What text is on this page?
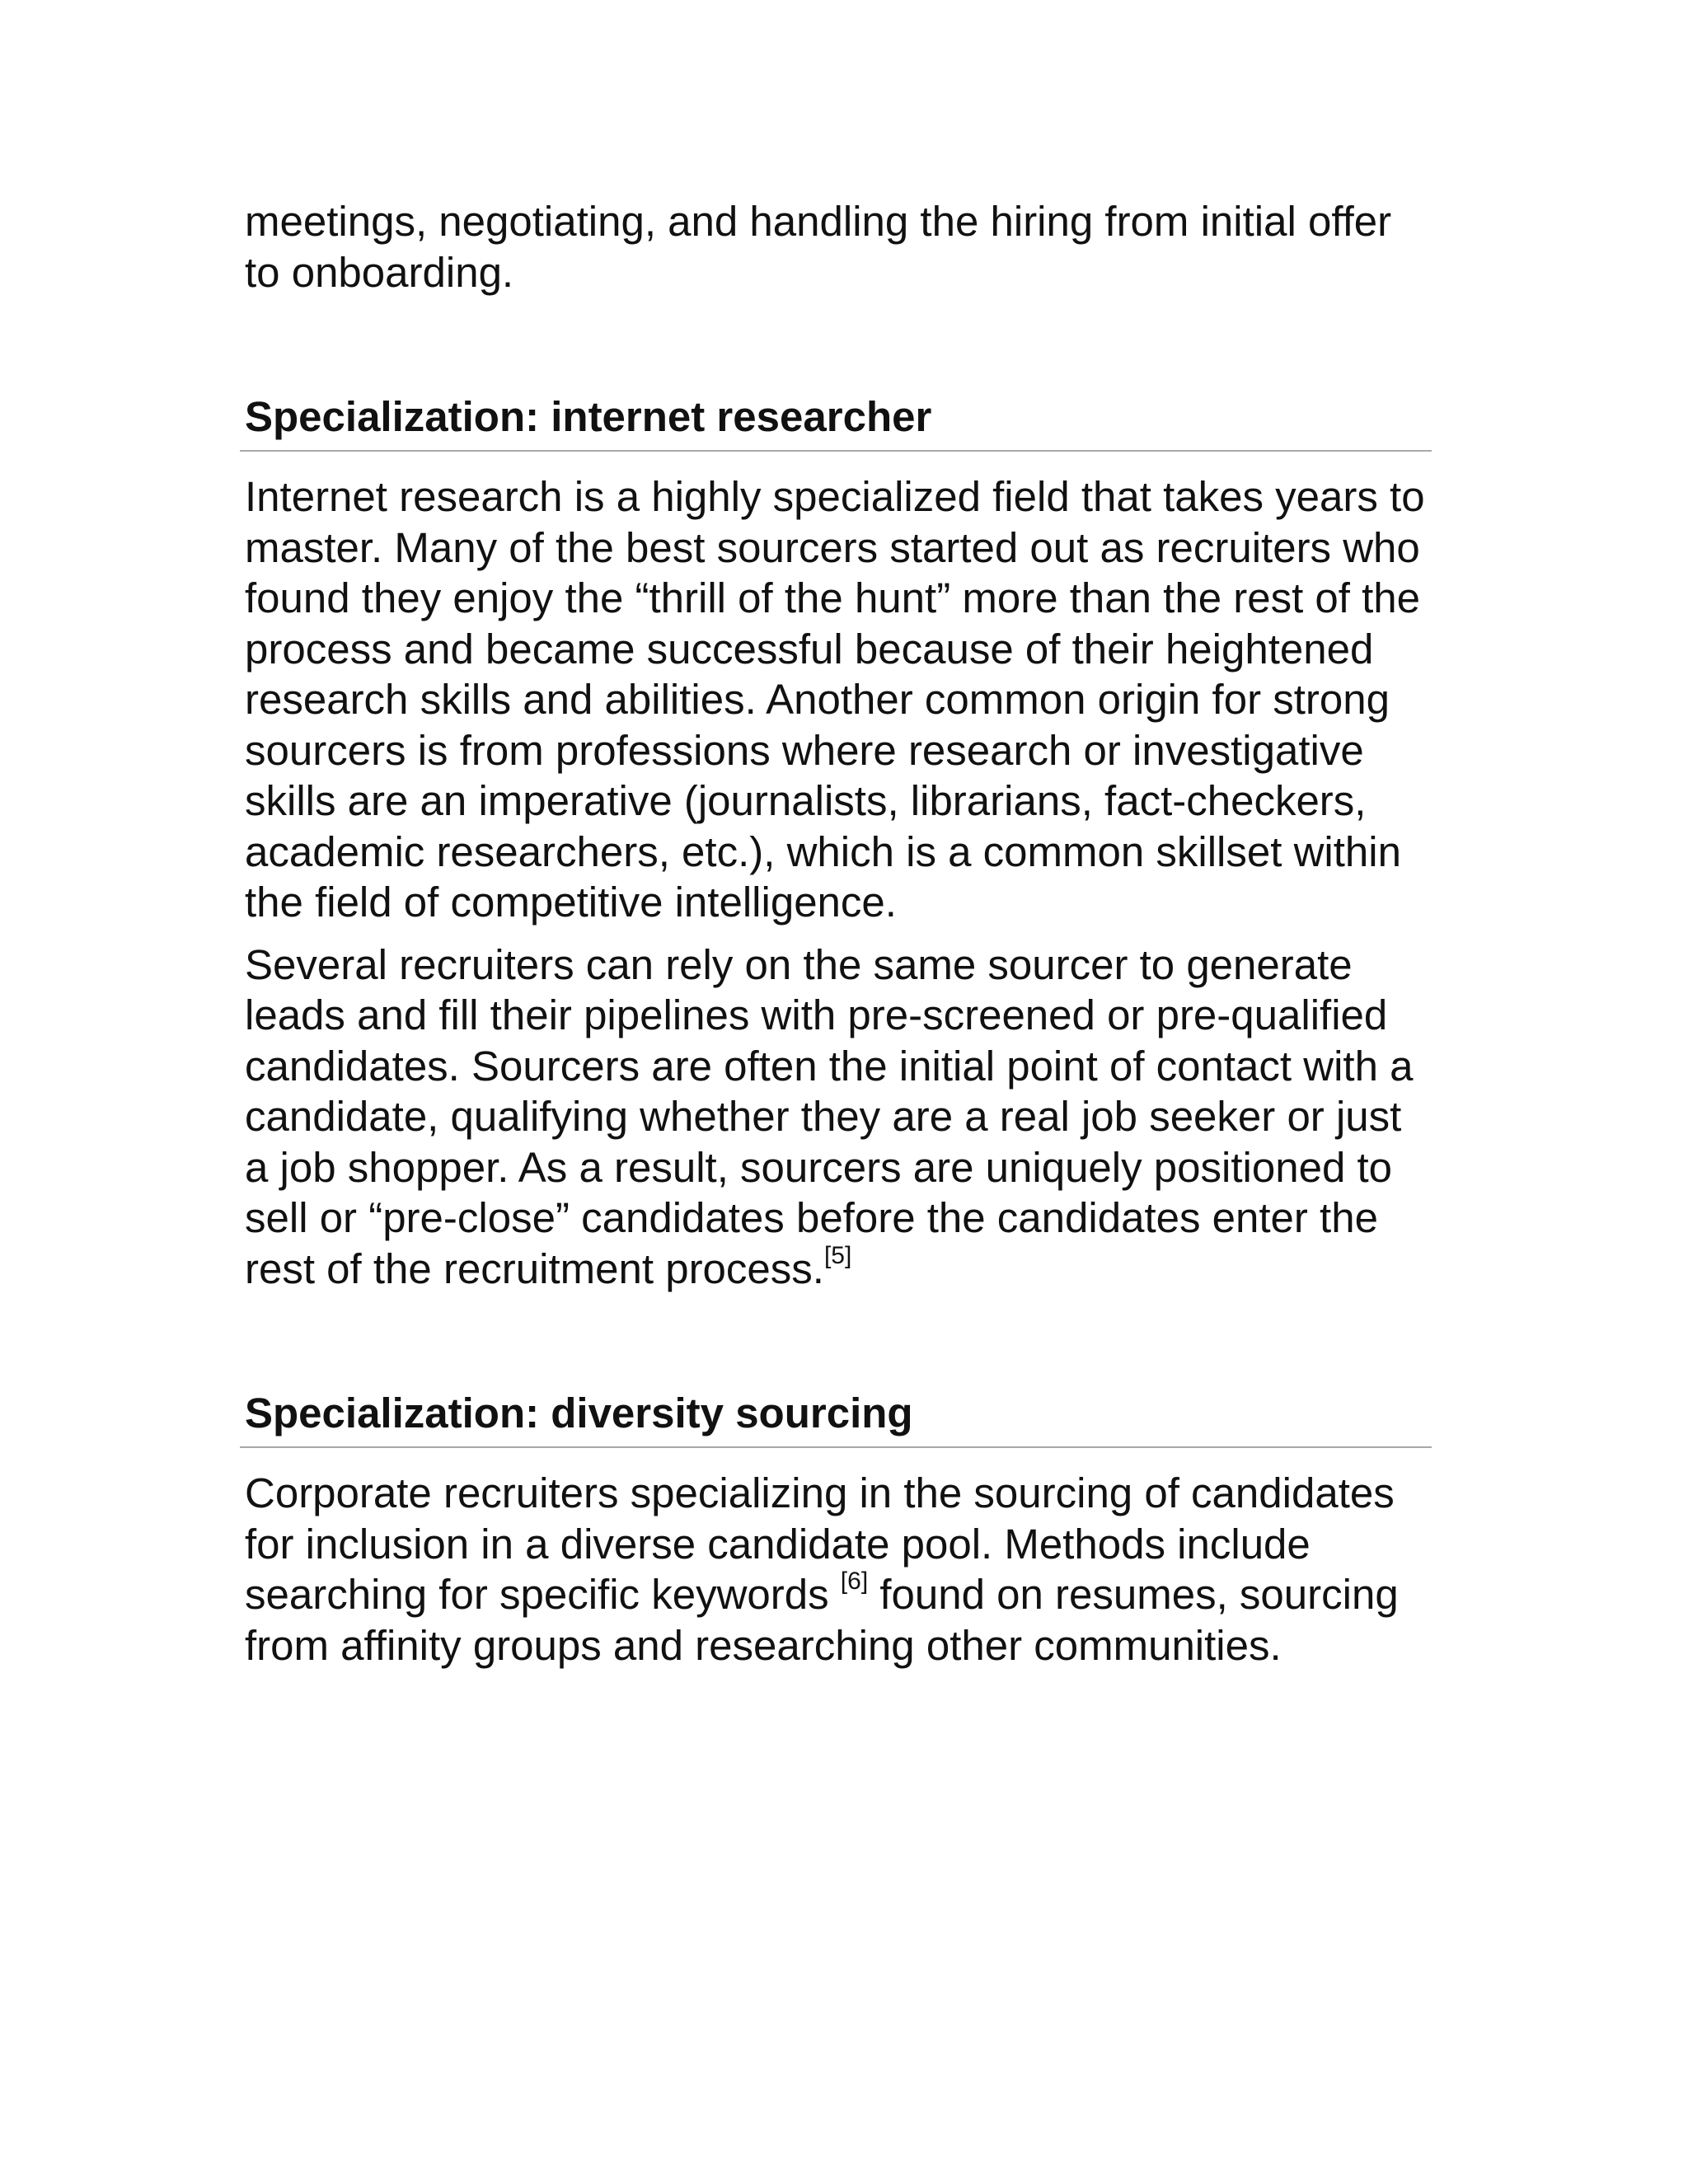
meetings, negotiating, and handling the hiring from initial offer to onboarding.

Specialization: internet researcher

Internet research is a highly specialized field that takes years to master. Many of the best sourcers started out as recruiters who found they enjoy the “thrill of the hunt” more than the rest of the process and became successful because of their heightened research skills and abilities. Another common origin for strong sourcers is from professions where research or investigative skills are an imperative (journalists, librarians, fact-checkers, academic researchers, etc.), which is a common skillset within the field of competitive intelligence.

Several recruiters can rely on the same sourcer to generate leads and fill their pipelines with pre-screened or pre-qualified candidates. Sourcers are often the initial point of contact with a candidate, qualifying whether they are a real job seeker or just a job shopper. As a result, sourcers are uniquely positioned to sell or “pre-close” candidates before the candidates enter the rest of the recruitment process.[5]

Specialization: diversity sourcing

Corporate recruiters specializing in the sourcing of candidates for inclusion in a diverse candidate pool. Methods include searching for specific keywords [6] found on resumes, sourcing from affinity groups and researching other communities.
